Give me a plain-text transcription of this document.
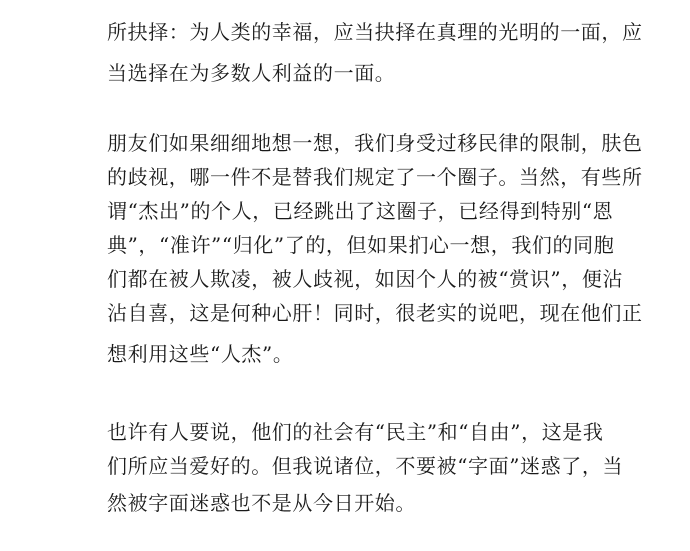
所抉择：为人类的幸福，应当抉择在真理的光明的一面，应
当选择在为多数人利益的一面。
朋友们如果细细地想一想，我们身受过移民律的限制，肤色
的歧视，哪一件不是替我们规定了一个圈子。当然，有些所
谓“杰出”的个人，已经跳出了这圈子，已经得到特别“恩
典”，“准许”“归化”了的，但如果扪心一想，我们的同胞
们都在被人欺凌，被人歧视，如因个人的被“赏识”，便沾
沾自喜，这是何种心肝！同时，很老实的说吧，现在他们正
想利用这些“人杰”。
也许有人要说，他们的社会有“民主”和“自由”，这是我
们所应当爱好的。但我说诸位，不要被“字面”迷惑了，当
然被字面迷惑也不是从今日开始。
